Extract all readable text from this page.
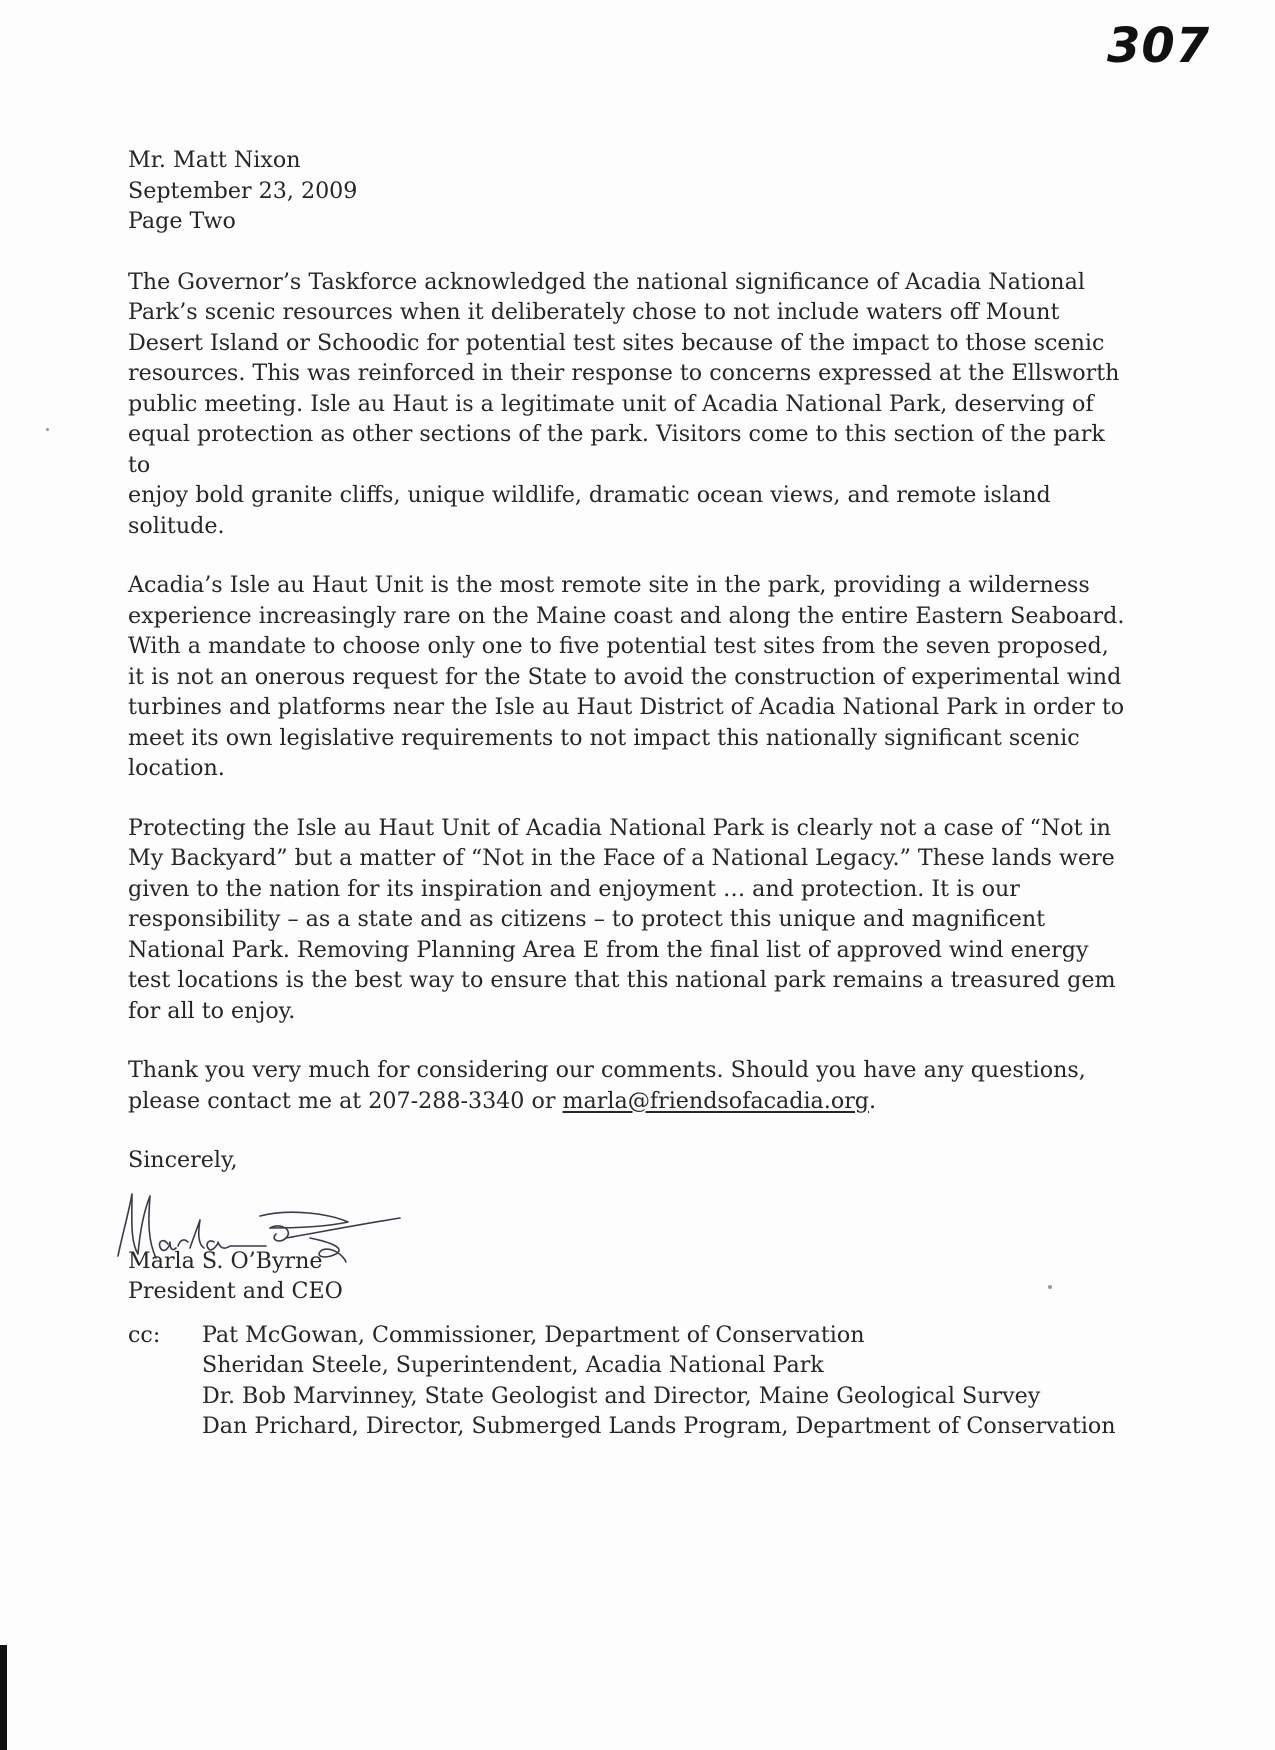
307
Mr. Matt Nixon
September 23, 2009
Page Two

The Governor’s Taskforce acknowledged the national significance of Acadia National
Park’s scenic resources when it deliberately chose to not include waters off Mount
Desert Island or Schoodic for potential test sites because of the impact to those scenic
resources. This was reinforced in their response to concerns expressed at the Ellsworth
public meeting. Isle au Haut is a legitimate unit of Acadia National Park, deserving of
equal protection as other sections of the park. Visitors come to this section of the park to
enjoy bold granite cliffs, unique wildlife, dramatic ocean views, and remote island
solitude.

Acadia’s Isle au Haut Unit is the most remote site in the park, providing a wilderness
experience increasingly rare on the Maine coast and along the entire Eastern Seaboard.
With a mandate to choose only one to five potential test sites from the seven proposed,
it is not an onerous request for the State to avoid the construction of experimental wind
turbines and platforms near the Isle au Haut District of Acadia National Park in order to
meet its own legislative requirements to not impact this nationally significant scenic
location.

Protecting the Isle au Haut Unit of Acadia National Park is clearly not a case of “Not in
My Backyard” but a matter of “Not in the Face of a National Legacy.” These lands were
given to the nation for its inspiration and enjoyment … and protection. It is our
responsibility – as a state and as citizens – to protect this unique and magnificent
National Park. Removing Planning Area E from the final list of approved wind energy
test locations is the best way to ensure that this national park remains a treasured gem
for all to enjoy.

Thank you very much for considering our comments. Should you have any questions,
please contact me at 207-288-3340 or marla@friendsofacadia.org.

Sincerely,
Marla S. O’Byrne
President and CEO
cc:	Pat McGowan, Commissioner, Department of Conservation
Sheridan Steele, Superintendent, Acadia National Park
Dr. Bob Marvinney, State Geologist and Director, Maine Geological Survey
Dan Prichard, Director, Submerged Lands Program, Department of Conservation
